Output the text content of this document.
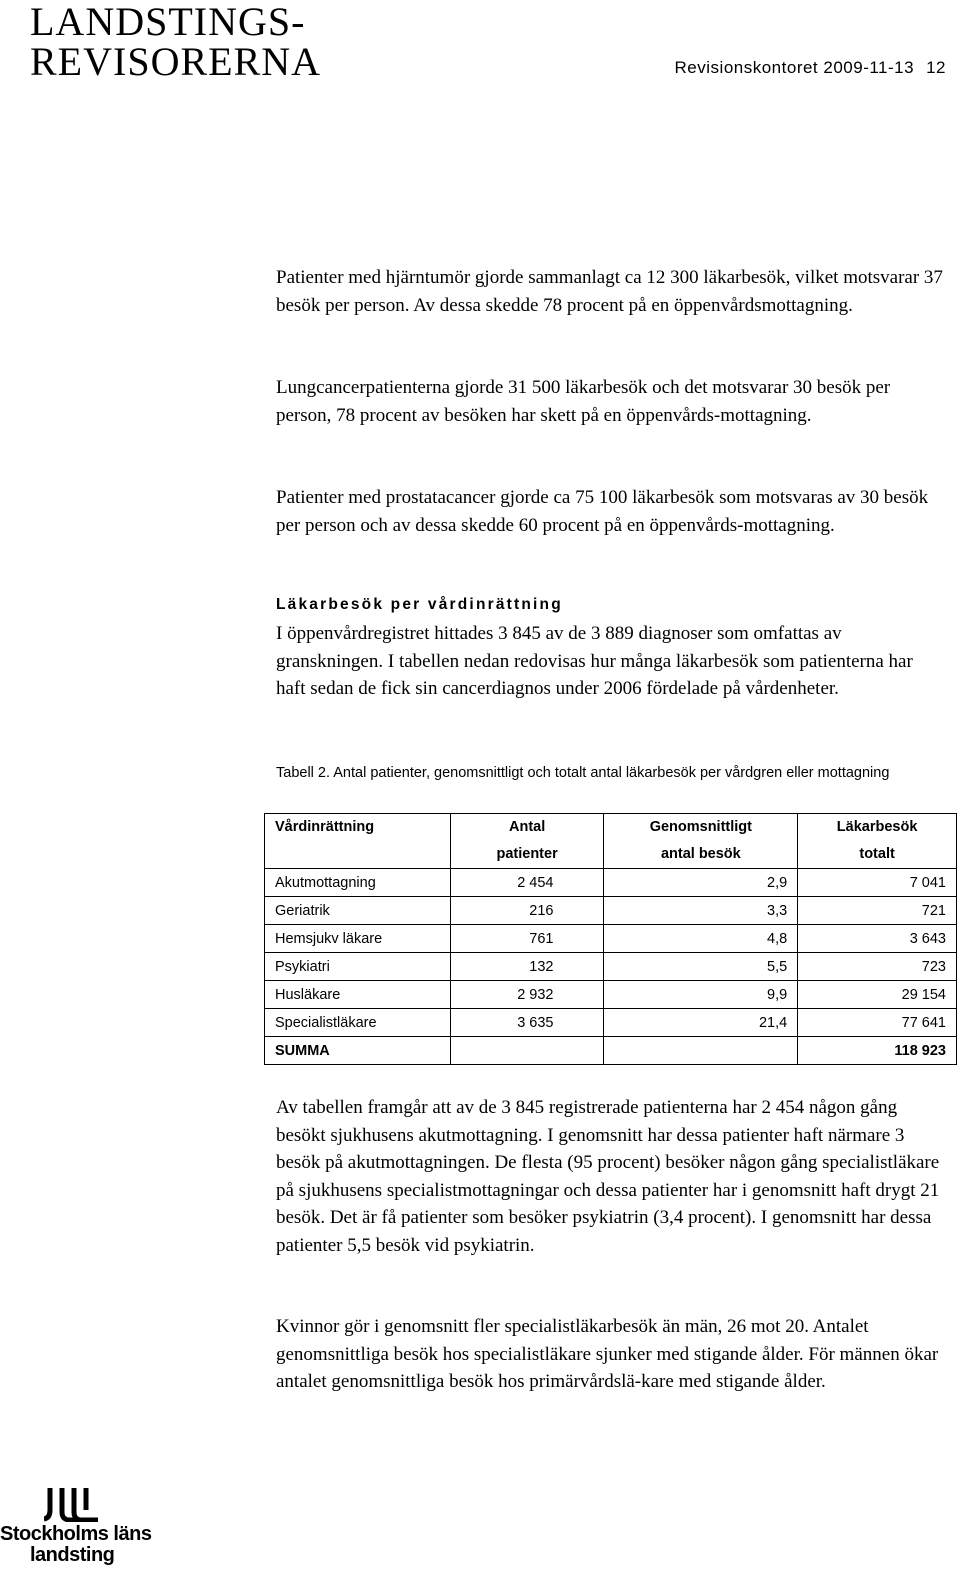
LANDSTINGS-
REVISORERNA	Revisionskontoret 2009-11-13 12
Patienter med hjärntumör gjorde sammanlagt ca 12 300 läkarbesök, vilket motsvarar 37 besök per person. Av dessa skedde 78 procent på en öppenvårdsmottagning.
Lungcancerpatienterna gjorde 31 500 läkarbesök och det motsvarar 30 besök per person, 78 procent av besöken har skett på en öppenvårds-mottagning.
Patienter med prostatacancer gjorde ca 75 100 läkarbesök som motsvaras av 30 besök per person och av dessa skedde 60 procent på en öppenvårds-mottagning.
Läkarbesök per vårdinrättning
I öppenvårdregistret hittades 3 845 av de 3 889 diagnoser som omfattas av granskningen. I tabellen nedan redovisas hur många läkarbesök som patienterna har haft sedan de fick sin cancerdiagnos under 2006 fördelade på vårdenheter.
Tabell 2. Antal patienter, genomsnittligt och totalt antal läkarbesök per vårdgren eller mottagning
Vårdinrättning	Antal	Genomsnittligt	Läkarbesök
	patienter	antal besök	totalt
Akutmottagning	2 454	2,9	7 041
Geriatrik	216	3,3	721
Hemsjukv läkare	761	4,8	3 643
Psykiatri	132	5,5	723
Husläkare	2 932	9,9	29 154
Specialistläkare	3 635	21,4	77 641
SUMMA			118 923
Av tabellen framgår att av de 3 845 registrerade patienterna har 2 454 någon gång besökt sjukhusens akutmottagning. I genomsnitt har dessa patienter haft närmare 3 besök på akutmottagningen. De flesta (95 procent) besöker någon gång specialistläkare på sjukhusens specialistmottagningar och dessa patienter har i genomsnitt haft drygt 21 besök. Det är få patienter som besöker psykiatrin (3,4 procent). I genomsnitt har dessa patienter 5,5 besök vid psykiatrin.
Kvinnor gör i genomsnitt fler specialistläkarbesök än män, 26 mot 20. Antalet genomsnittliga besök hos specialistläkare sjunker med stigande ålder. För männen ökar antalet genomsnittliga besök hos primärvårdslä-kare med stigande ålder.
Stockholms läns
landsting
